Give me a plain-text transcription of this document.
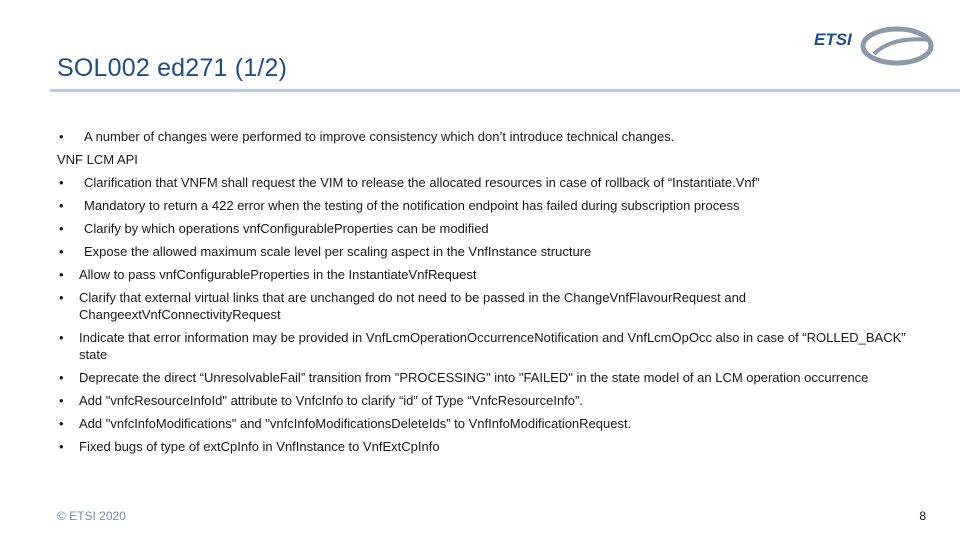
SOL002 ed271 (1/2)
ETSI
• A number of changes were performed to improve consistency which don’t introduce technical changes.
VNF LCM API
• Clarification that VNFM shall request the VIM to release the allocated resources in case of rollback of “Instantiate.Vnf”
• Mandatory to return a 422 error when the testing of the notification endpoint has failed during subscription process
• Clarify by which operations vnfConfigurableProperties can be modified
• Expose the allowed maximum scale level per scaling aspect in the VnfInstance structure
• Allow to pass vnfConfigurableProperties in the InstantiateVnfRequest
• Clarify that external virtual links that are unchanged do not need to be passed in the ChangeVnfFlavourRequest and ChangeextVnfConnectivityRequest
• Indicate that error information may be provided in VnfLcmOperationOccurrenceNotification and VnfLcmOpOcc also in case of “ROLLED_BACK” state
• Deprecate the direct “UnresolvableFail” transition from "PROCESSING" into "FAILED" in the state model of an LCM operation occurrence
• Add "vnfcResourceInfoId" attribute to VnfcInfo to clarify “id” of Type “VnfcResourceInfo”.
• Add "vnfcInfoModifications" and "vnfcInfoModificationsDeleteIds” to VnfInfoModificationRequest.
• Fixed bugs of type of extCpInfo in VnfInstance to VnfExtCpInfo
© ETSI 2020	8
